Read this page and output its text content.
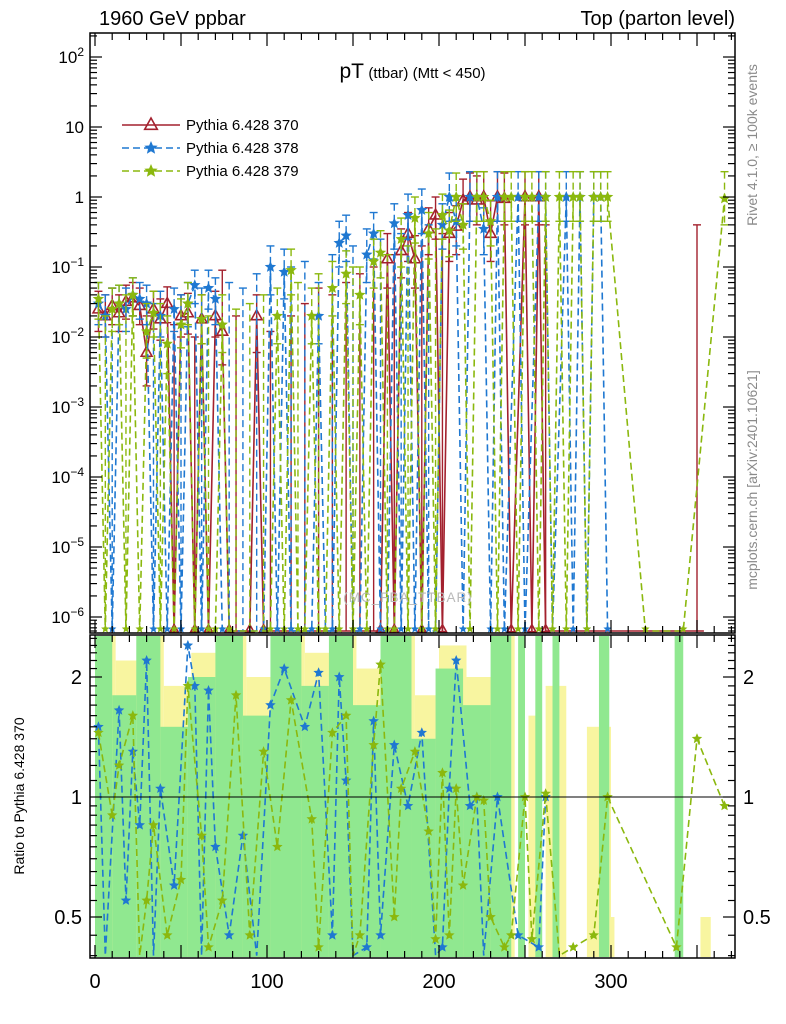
1960 GeV ppbar	Top (parton level)
pT (ttbar) (Mtt < 450)
0	100	200	300
$10^2$
10
1
$10^{-1}$
$10^{-2}$
$10^{-3}$
$10^{-4}$
$10^{-5}$
$10^{-6}$
2	2
1	1
0.5	0.5
Pythia 6.428 370
Pythia 6.428 378
Pythia 6.428 379
(MC_FBA_TTBAR)
Rivet 4.1.0, ≥ 100k events
mcplots.cern.ch [arXiv:2401.10621]
Ratio to Pythia 6.428 370
